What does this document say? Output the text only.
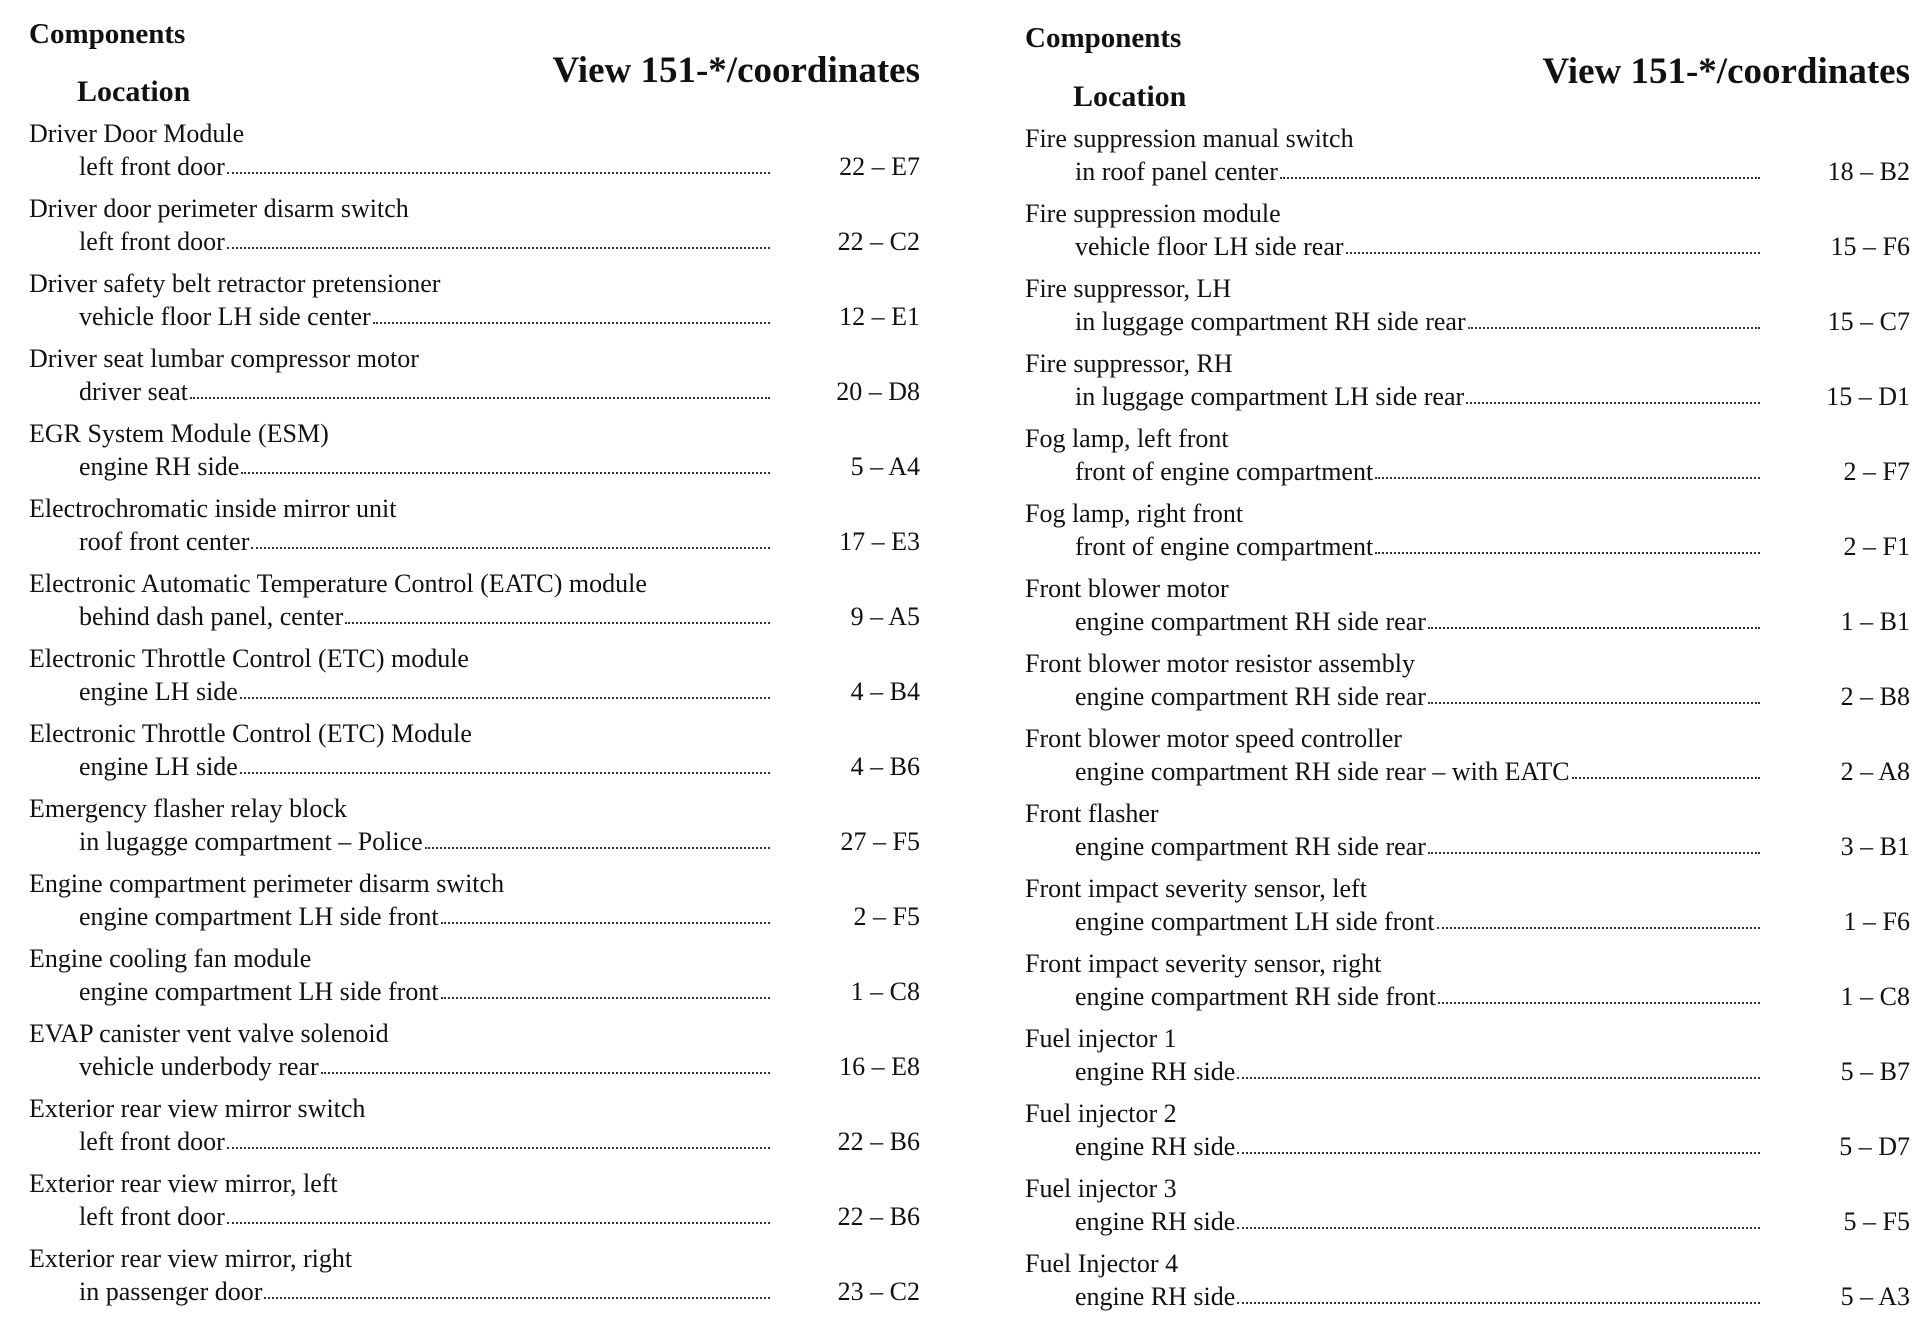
Components
Location
View 151-*/coordinates
Driver Door Module
left front door	22 – E7
Driver door perimeter disarm switch
left front door	22 – C2
Driver safety belt retractor pretensioner
vehicle floor LH side center	12 – E1
Driver seat lumbar compressor motor
driver seat	20 – D8
EGR System Module (ESM)
engine RH side	5 – A4
Electrochromatic inside mirror unit
roof front center	17 – E3
Electronic Automatic Temperature Control (EATC) module
behind dash panel, center	9 – A5
Electronic Throttle Control (ETC) module
engine LH side	4 – B4
Electronic Throttle Control (ETC) Module
engine LH side	4 – B6
Emergency flasher relay block
in lugagge compartment – Police	27 – F5
Engine compartment perimeter disarm switch
engine compartment LH side front	2 – F5
Engine cooling fan module
engine compartment LH side front	1 – C8
EVAP canister vent valve solenoid
vehicle underbody rear	16 – E8
Exterior rear view mirror switch
left front door	22 – B6
Exterior rear view mirror, left
left front door	22 – B6
Exterior rear view mirror, right
in passenger door	23 – C2
Components
Location
View 151-*/coordinates
Fire suppression manual switch
in roof panel center	18 – B2
Fire suppression module
vehicle floor LH side rear	15 – F6
Fire suppressor, LH
in luggage compartment RH side rear	15 – C7
Fire suppressor, RH
in luggage compartment LH side rear	15 – D1
Fog lamp, left front
front of engine compartment	2 – F7
Fog lamp, right front
front of engine compartment	2 – F1
Front blower motor
engine compartment RH side rear	1 – B1
Front blower motor resistor assembly
engine compartment RH side rear	2 – B8
Front blower motor speed controller
engine compartment RH side rear – with EATC	2 – A8
Front flasher
engine compartment RH side rear	3 – B1
Front impact severity sensor, left
engine compartment LH side front	1 – F6
Front impact severity sensor, right
engine compartment RH side front	1 – C8
Fuel injector 1
engine RH side	5 – B7
Fuel injector 2
engine RH side	5 – D7
Fuel injector 3
engine RH side	5 – F5
Fuel Injector 4
engine RH side	5 – A3
